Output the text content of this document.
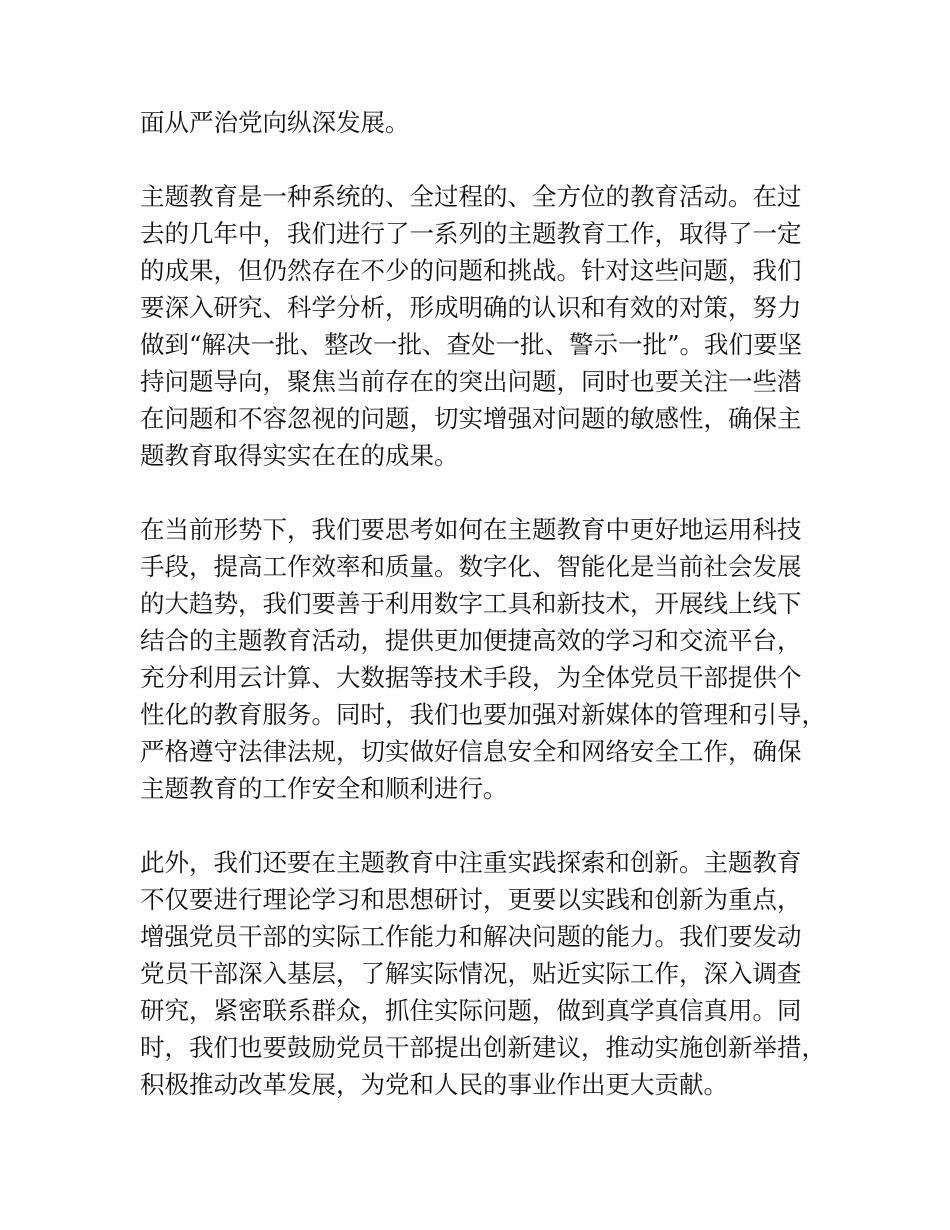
面从严治党向纵深发展。
主题教育是一种系统的、全过程的、全方位的教育活动。在过
去的几年中，我们进行了一系列的主题教育工作，取得了一定
的成果，但仍然存在不少的问题和挑战。针对这些问题，我们
要深入研究、科学分析，形成明确的认识和有效的对策，努力
做到“解决一批、整改一批、查处一批、警示一批”。我们要坚
持问题导向，聚焦当前存在的突出问题，同时也要关注一些潜
在问题和不容忽视的问题，切实增强对问题的敏感性，确保主
题教育取得实实在在的成果。
在当前形势下，我们要思考如何在主题教育中更好地运用科技
手段，提高工作效率和质量。数字化、智能化是当前社会发展
的大趋势，我们要善于利用数字工具和新技术，开展线上线下
结合的主题教育活动，提供更加便捷高效的学习和交流平台，
充分利用云计算、大数据等技术手段，为全体党员干部提供个
性化的教育服务。同时，我们也要加强对新媒体的管理和引导，
严格遵守法律法规，切实做好信息安全和网络安全工作，确保
主题教育的工作安全和顺利进行。
此外，我们还要在主题教育中注重实践探索和创新。主题教育
不仅要进行理论学习和思想研讨，更要以实践和创新为重点，
增强党员干部的实际工作能力和解决问题的能力。我们要发动
党员干部深入基层，了解实际情况，贴近实际工作，深入调查
研究，紧密联系群众，抓住实际问题，做到真学真信真用。同
时，我们也要鼓励党员干部提出创新建议，推动实施创新举措，
积极推动改革发展，为党和人民的事业作出更大贡献。
